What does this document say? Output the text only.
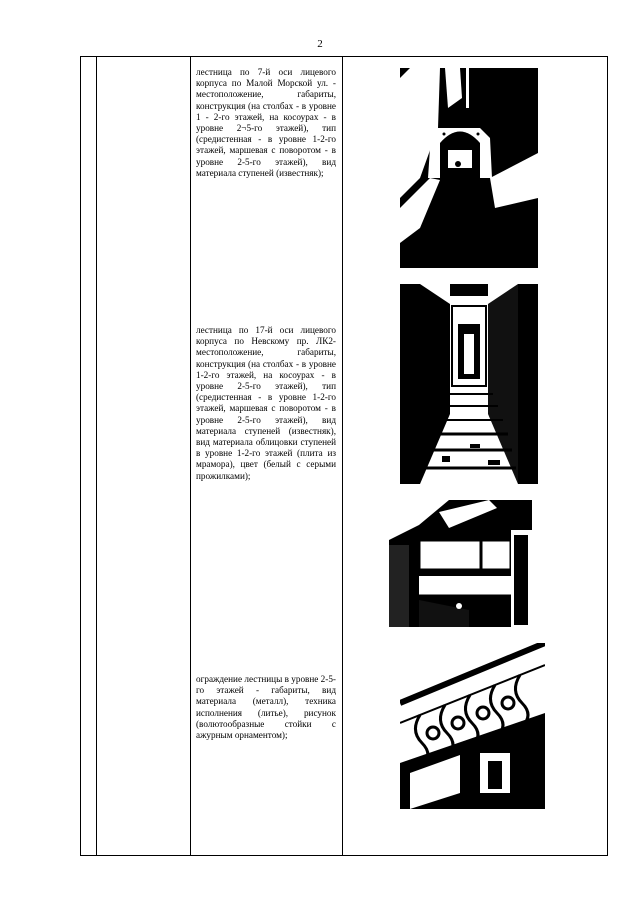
2
лестница по 7-й оси лицевого корпуса по Малой Морской ул. - местоположение, габариты, конструкция (на столбах - в уровне 1 - 2-го этажей, на косоурах - в уровне 2¬5-го этажей), тип (средистенная - в уровне 1-2-го этажей, маршевая с поворотом - в уровне 2-5-го этажей), вид материала ступеней (известняк);
лестница по 17-й оси лицевого корпуса по Невскому пр. ЛК2-местоположение, габариты, конструкция (на столбах - в уровне 1-2-го этажей, на косоурах - в уровне 2-5-го этажей), тип (средистенная - в уровне 1-2-го этажей, маршевая с поворотом - в уровне 2-5-го этажей), вид материала ступеней (известняк), вид материала облицовки ступеней в уровне 1-2-го этажей (плита из мрамора), цвет (белый с серыми прожилками);
ограждение лестницы в уровне 2-5-го этажей - габариты, вид материала (металл), техника исполнения (литье), рисунок (волютообразные стойки с ажурным орнаментом);
